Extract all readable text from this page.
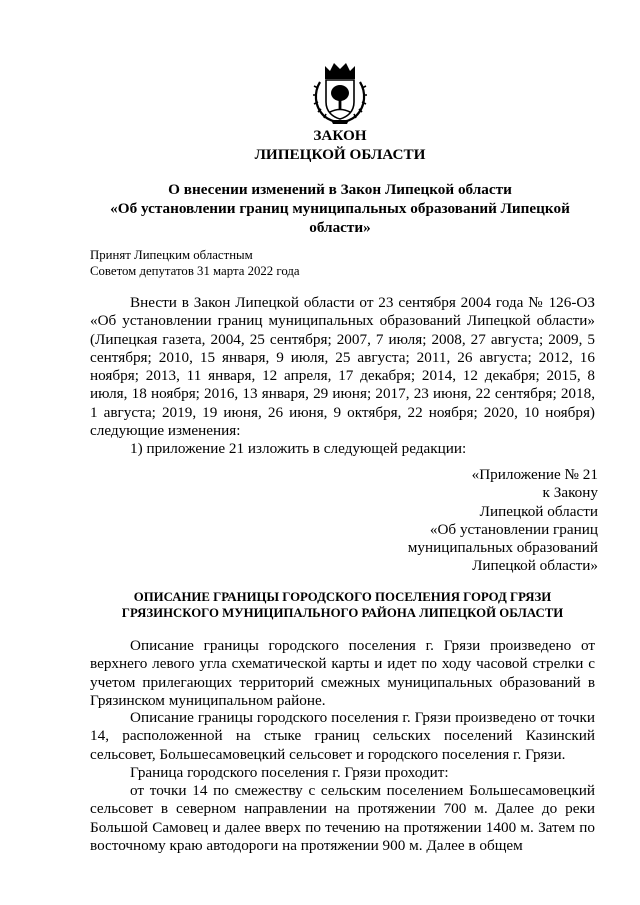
ЗАКОН
ЛИПЕЦКОЙ ОБЛАСТИ
О внесении изменений в Закон Липецкой области
«Об установлении границ муниципальных образований Липецкой
области»
Принят Липецким областным
Советом депутатов 31 марта 2022 года

Внести в Закон Липецкой области от 23 сентября 2004 года № 126-ОЗ «Об установлении границ муниципальных образований Липецкой области» (Липецкая газета, 2004, 25 сентября; 2007, 7 июля; 2008, 27 августа; 2009, 5 сентября; 2010, 15 января, 9 июля, 25 августа; 2011, 26 августа; 2012, 16 ноября; 2013, 11 января, 12 апреля, 17 декабря; 2014, 12 декабря; 2015, 8 июля, 18 ноября; 2016, 13 января, 29 июня; 2017, 23 июня, 22 сентября; 2018, 1 августа; 2019, 19 июня, 26 июня, 9 октября, 22 ноября; 2020, 10 ноября) следующие изменения:

1) приложение 21 изложить в следующей редакции:

«Приложение № 21
к Закону
Липецкой области
«Об установлении границ
муниципальных образований
Липецкой области»
ОПИСАНИЕ ГРАНИЦЫ ГОРОДСКОГО ПОСЕЛЕНИЯ ГОРОД ГРЯЗИ
ГРЯЗИНСКОГО МУНИЦИПАЛЬНОГО РАЙОНА ЛИПЕЦКОЙ ОБЛАСТИ

Описание границы городского поселения г. Грязи произведено от верхнего левого угла схематической карты и идет по ходу часовой стрелки с учетом прилегающих территорий смежных муниципальных образований в Грязинском муниципальном районе.

Описание границы городского поселения г. Грязи произведено от точки 14, расположенной на стыке границ сельских поселений Казинский сельсовет, Большесамовецкий сельсовет и городского поселения г. Грязи.

Граница городского поселения г. Грязи проходит:

от точки 14 по смежеству с сельским поселением Большесамовецкий сельсовет в северном направлении на протяжении 700 м. Далее до реки Большой Самовец и далее вверх по течению на протяжении 1400 м. Затем по восточному краю автодороги на протяжении 900 м. Далее в общем
